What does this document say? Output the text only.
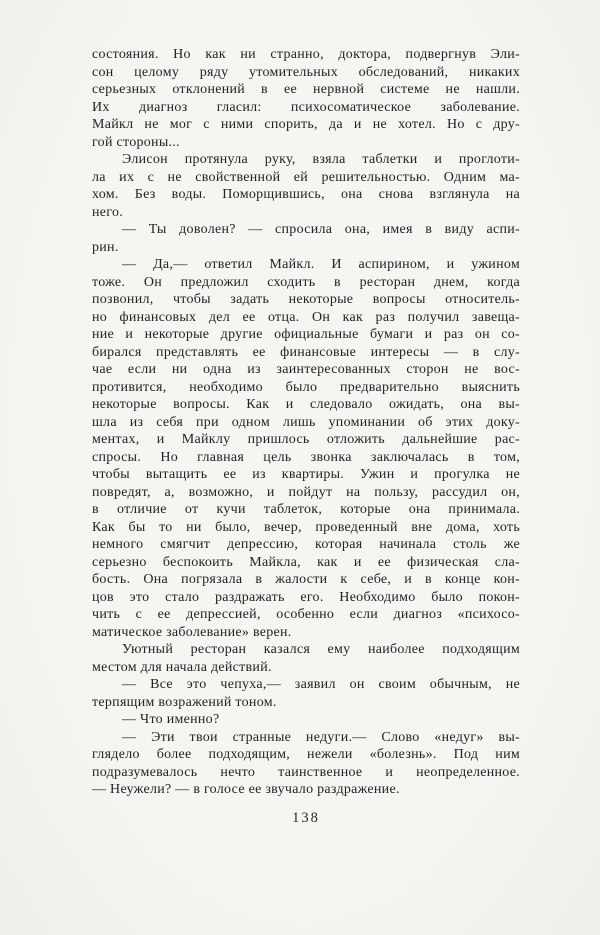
состояния. Но как ни странно, доктора, подвергнув Эли-
сон целому ряду утомительных обследований, никаких
серьезных отклонений в ее нервной системе не нашли.
Их диагноз гласил: психосоматическое заболевание.
Майкл не мог с ними спорить, да и не хотел. Но с дру-
гой стороны...
Элисон протянула руку, взяла таблетки и проглоти-
ла их с не свойственной ей решительностью. Одним ма-
хом. Без воды. Поморщившись, она снова взглянула на
него.
— Ты доволен? — спросила она, имея в виду аспи-
рин.
— Да,— ответил Майкл. И аспирином, и ужином
тоже. Он предложил сходить в ресторан днем, когда
позвонил, чтобы задать некоторые вопросы относитель-
но финансовых дел ее отца. Он как раз получил завеща-
ние и некоторые другие официальные бумаги и раз он со-
бирался представлять ее финансовые интересы — в слу-
чае если ни одна из заинтересованных сторон не вос-
противится, необходимо было предварительно выяснить
некоторые вопросы. Как и следовало ожидать, она вы-
шла из себя при одном лишь упоминании об этих доку-
ментах, и Майклу пришлось отложить дальнейшие рас-
спросы. Но главная цель звонка заключалась в том,
чтобы вытащить ее из квартиры. Ужин и прогулка не
повредят, а, возможно, и пойдут на пользу, рассудил он,
в отличие от кучи таблеток, которые она принимала.
Как бы то ни было, вечер, проведенный вне дома, хоть
немного смягчит депрессию, которая начинала столь же
серьезно беспокоить Майкла, как и ее физическая сла-
бость. Она погрязала в жалости к себе, и в конце кон-
цов это стало раздражать его. Необходимо было покон-
чить с ее депрессией, особенно если диагноз «психосо-
матическое заболевание» верен.
Уютный ресторан казался ему наиболее подходящим
местом для начала действий.
— Все это чепуха,— заявил он своим обычным, не
терпящим возражений тоном.
— Что именно?
— Эти твои странные недуги.— Слово «недуг» вы-
глядело более подходящим, нежели «болезнь». Под ним
подразумевалось нечто таинственное и неопределенное.
— Неужели? — в голосе ее звучало раздражение.
138
